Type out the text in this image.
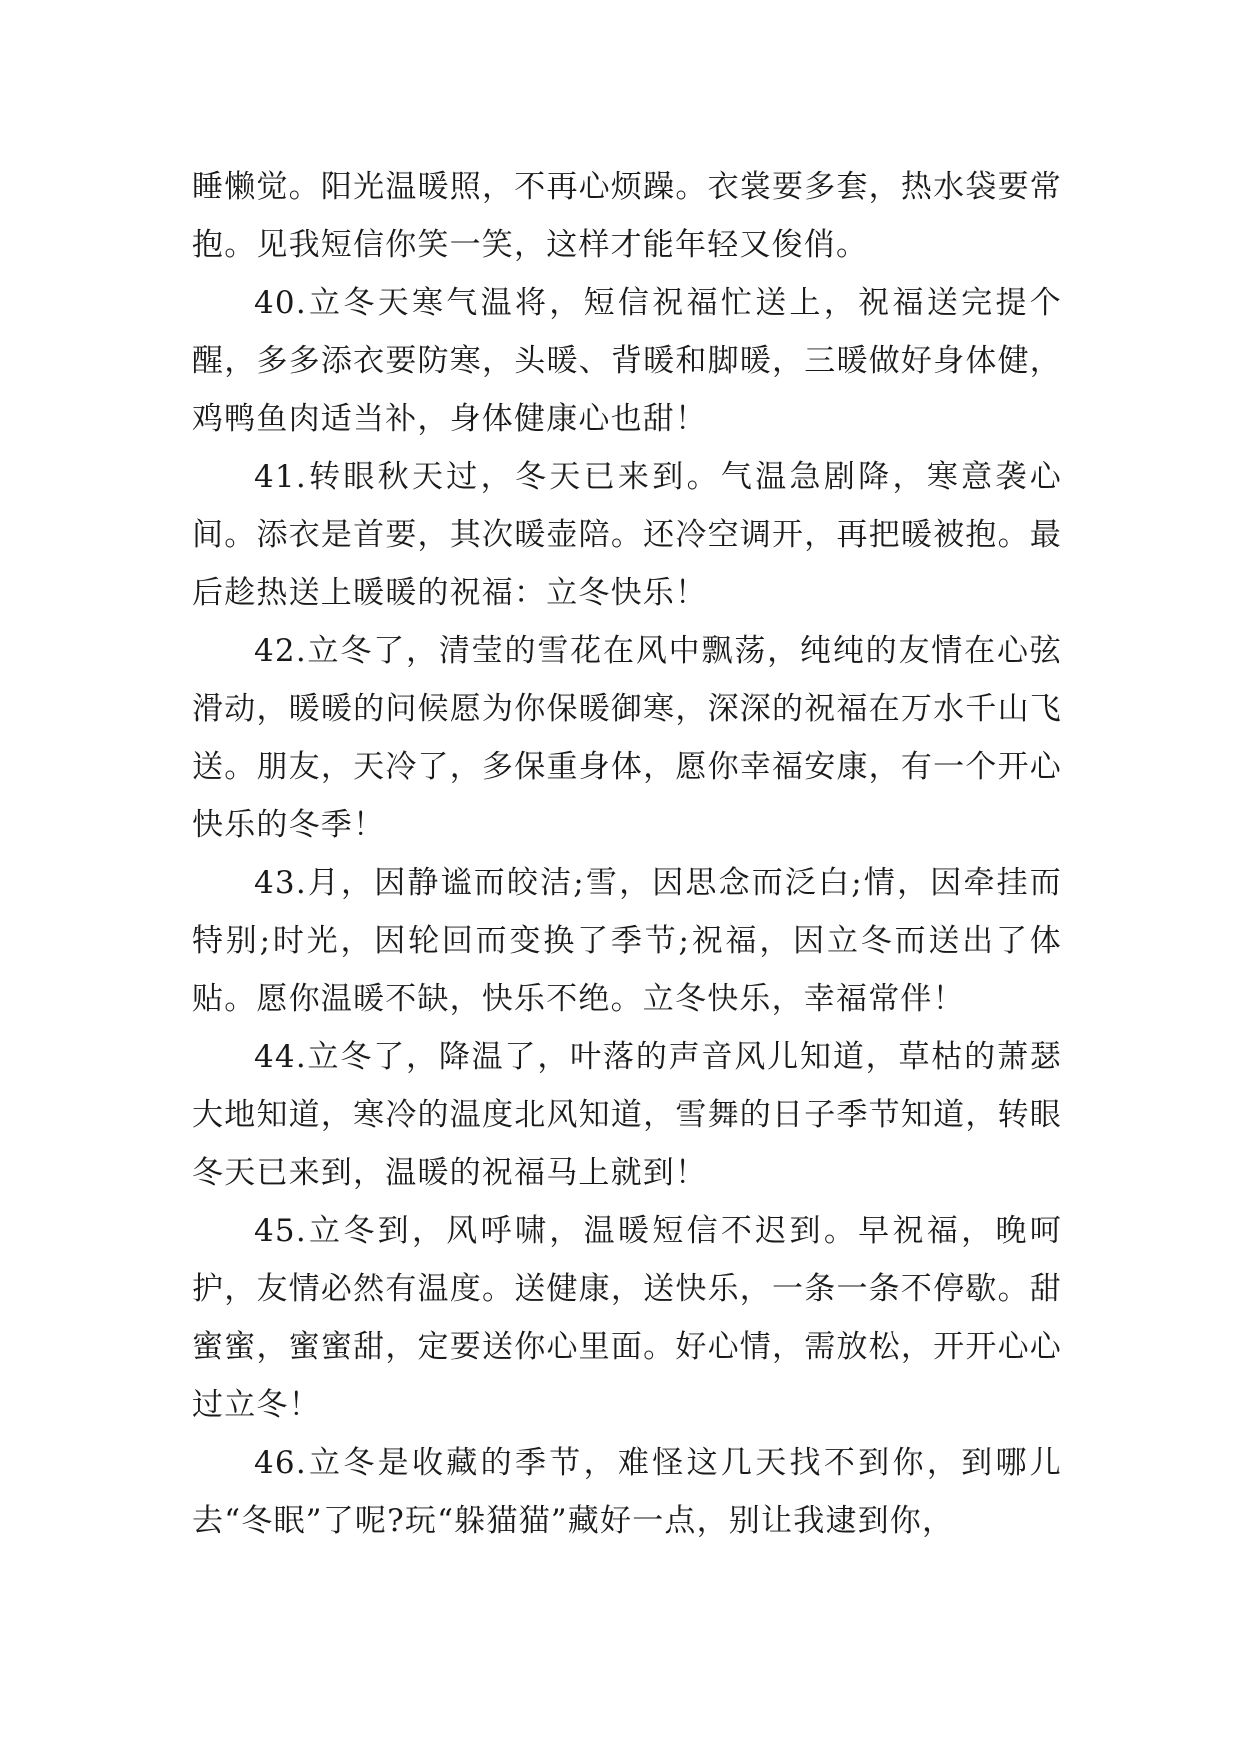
睡懒觉。阳光温暖照，不再心烦躁。衣裳要多套，热水袋要常抱。见我短信你笑一笑，这样才能年轻又俊俏。

40.立冬天寒气温将，短信祝福忙送上，祝福送完提个醒，多多添衣要防寒，头暖、背暖和脚暖，三暖做好身体健，鸡鸭鱼肉适当补，身体健康心也甜！

41.转眼秋天过，冬天已来到。气温急剧降，寒意袭心间。添衣是首要，其次暖壶陪。还冷空调开，再把暖被抱。最后趁热送上暖暖的祝福：立冬快乐！

42.立冬了，清莹的雪花在风中飘荡，纯纯的友情在心弦滑动，暖暖的问候愿为你保暖御寒，深深的祝福在万水千山飞送。朋友，天冷了，多保重身体，愿你幸福安康，有一个开心快乐的冬季！

43.月，因静谧而皎洁;雪，因思念而泛白;情，因牵挂而特别;时光，因轮回而变换了季节;祝福，因立冬而送出了体贴。愿你温暖不缺，快乐不绝。立冬快乐，幸福常伴！

44.立冬了，降温了，叶落的声音风儿知道，草枯的萧瑟大地知道，寒冷的温度北风知道，雪舞的日子季节知道，转眼冬天已来到，温暖的祝福马上就到！

45.立冬到，风呼啸，温暖短信不迟到。早祝福，晚呵护，友情必然有温度。送健康，送快乐，一条一条不停歇。甜蜜蜜，蜜蜜甜，定要送你心里面。好心情，需放松，开开心心过立冬！

46.立冬是收藏的季节，难怪这几天找不到你，到哪儿去“冬眠”了呢?玩“躲猫猫”藏好一点，别让我逮到你，
